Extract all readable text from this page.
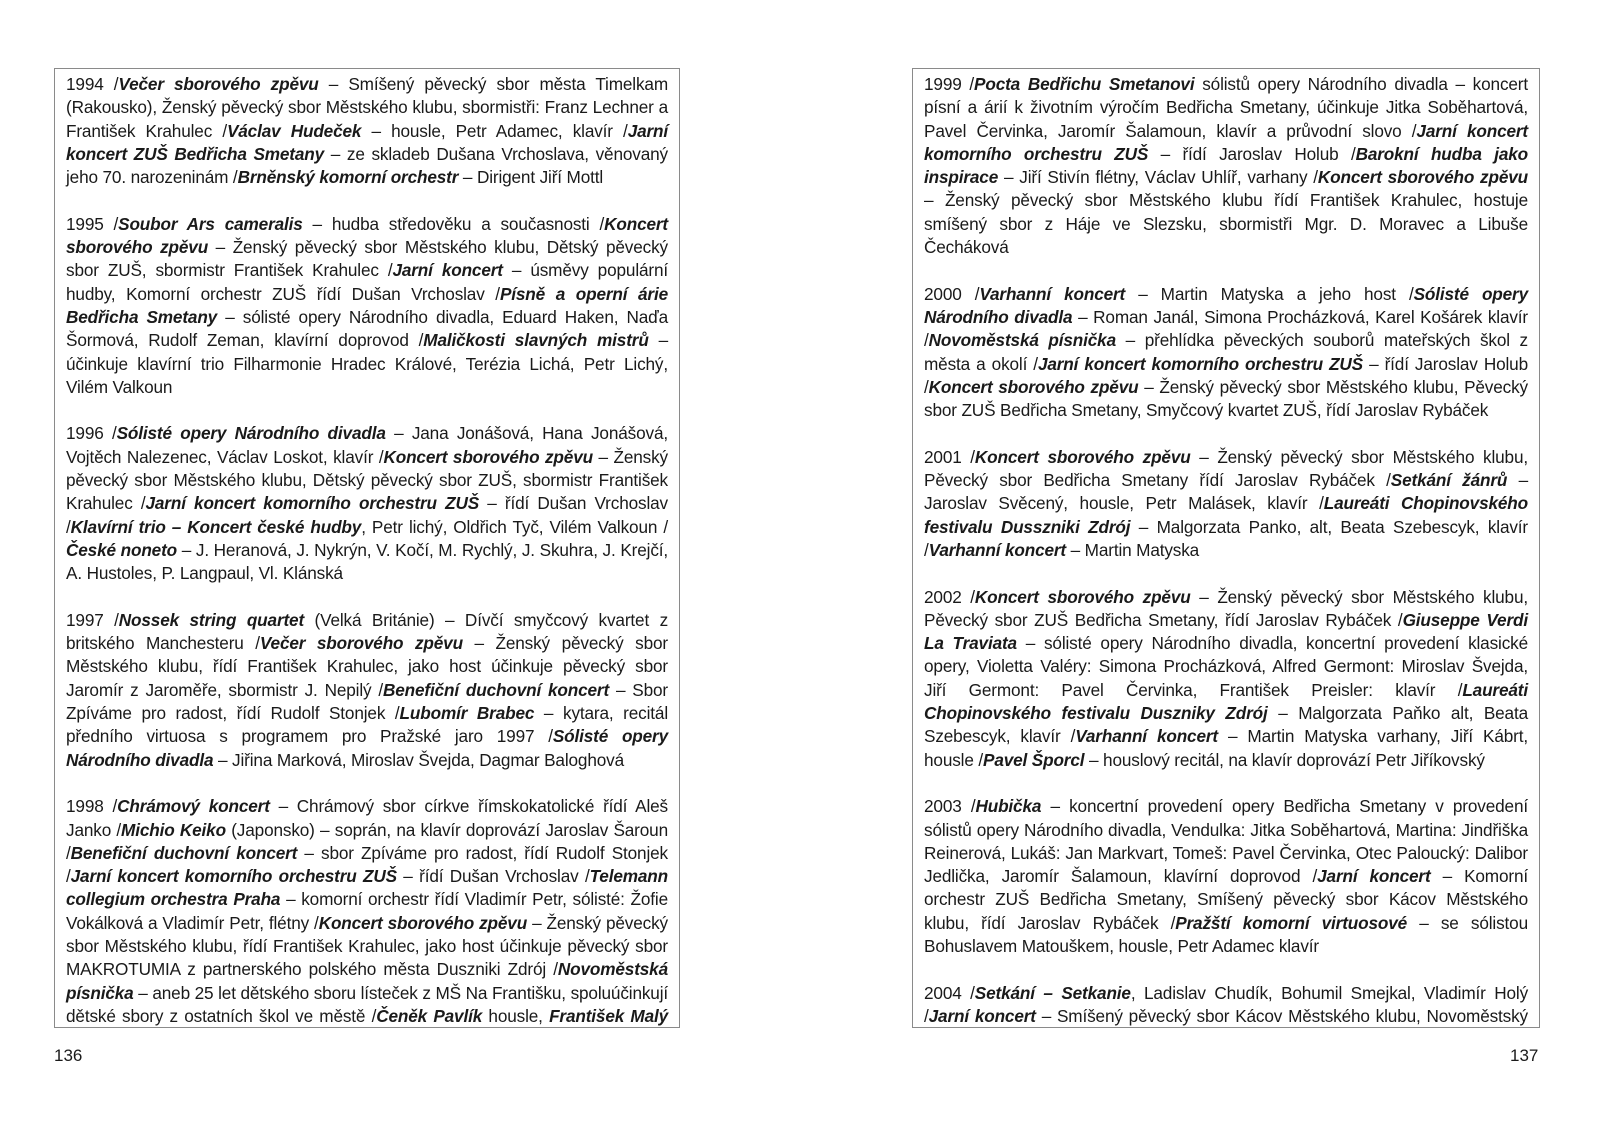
1994 /Večer sborového zpěvu – Smíšený pěvecký sbor města Timelkam (Rakousko), Ženský pěvecký sbor Městského klubu, sbormistři: Franz Lechner a František Krahulec /Václav Hudeček – housle, Petr Adamec, klavír /Jarní koncert ZUŠ Bedřicha Smetany – ze skladeb Dušana Vrchoslava, věnovaný jeho 70. narozeninám /Brněnský komorní orchestr – Dirigent Jiří Mottl

1995 /Soubor Ars cameralis – hudba středověku a současnosti /Koncert sborového zpěvu – Ženský pěvecký sbor Městského klubu, Dětský pěvecký sbor ZUŠ, sbormistr František Krahulec /Jarní koncert – úsměvy populární hudby, Komorní orchestr ZUŠ řídí Dušan Vrchoslav /Písně a operní árie Bedřicha Smetany – sólisté opery Národního divadla, Eduard Haken, Naďa Šormová, Rudolf Zeman, klavírní doprovod /Maličkosti slavných mistrů – účinkuje klavírní trio Filharmonie Hradec Králové, Terézia Lichá, Petr Lichý, Vilém Valkoun

1996 /Sólisté opery Národního divadla – Jana Jonášová, Hana Jonášová, Vojtěch Nalezenec, Václav Loskot, klavír /Koncert sborového zpěvu – Ženský pěvecký sbor Městského klubu, Dětský pěvecký sbor ZUŠ, sbormistr František Krahulec /Jarní koncert komorního orchestru ZUŠ – řídí Dušan Vrchoslav /Klavírní trio – Koncert české hudby, Petr lichý, Oldřich Tyč, Vilém Valkoun /České noneto – J. Heranová, J. Nykrýn, V. Kočí, M. Rychlý, J. Skuhra, J. Krejčí, A. Hustoles, P. Langpaul, Vl. Klánská

1997 /Nossek string quartet (Velká Británie) – Dívčí smyčcový kvartet z britského Manchesteru /Večer sborového zpěvu – Ženský pěvecký sbor Městského klubu, řídí František Krahulec, jako host účinkuje pěvecký sbor Jaromír z Jaroměře, sbormistr J. Nepilý /Benefiční duchovní koncert – Sbor Zpíváme pro radost, řídí Rudolf Stonjek /Lubomír Brabec – kytara, recitál předního virtuosa s programem pro Pražské jaro 1997 /Sólisté opery Národního divadla – Jiřina Marková, Miroslav Švejda, Dagmar Baloghová

1998 /Chrámový koncert – Chrámový sbor církve římskokatolické řídí Aleš Janko /Michio Keiko (Japonsko) – soprán, na klavír doprovází Jaroslav Šaroun /Benefiční duchovní koncert – sbor Zpíváme pro radost, řídí Rudolf Stonjek /Jarní koncert komorního orchestru ZUŠ – řídí Dušan Vrchoslav /Telemann collegium orchestra Praha – komorní orchestr řídí Vladimír Petr, sólisté: Žofie Vokálková a Vladimír Petr, flétny /Koncert sborového zpěvu – Ženský pěvecký sbor Městského klubu, řídí František Krahulec, jako host účinkuje pěvecký sbor MAKROTUMIA z partnerského polského města Duszniki Zdrój /Novoměstská písnička – aneb 25 let dětského sboru lísteček z MŠ Na Františku, spoluúčinkují dětské sbory z ostatních škol ve městě /Čeněk Pavlík housle, František Malý

136

1999 /Pocta Bedřichu Smetanovi sólistů opery Národního divadla – koncert písní a árií k životním výročím Bedřicha Smetany, účinkuje Jitka Soběhartová, Pavel Červinka, Jaromír Šalamoun, klavír a průvodní slovo /Jarní koncert komorního orchestru ZUŠ – řídí Jaroslav Holub /Barokní hudba jako inspirace – Jiří Stivín flétny, Václav Uhlíř, varhany /Koncert sborového zpěvu – Ženský pěvecký sbor Městského klubu řídí František Krahulec, hostuje smíšený sbor z Háje ve Slezsku, sbormistři Mgr. D. Moravec a Libuše Čecháková

2000 /Varhanní koncert – Martin Matyska a jeho host /Sólisté opery Národního divadla – Roman Janál, Simona Procházková, Karel Košárek klavír /Novoměstská písnička – přehlídka pěveckých souborů mateřských škol z města a okolí /Jarní koncert komorního orchestru ZUŠ – řídí Jaroslav Holub /Koncert sborového zpěvu – Ženský pěvecký sbor Městského klubu, Pěvecký sbor ZUŠ Bedřicha Smetany, Smyčcový kvartet ZUŠ, řídí Jaroslav Rybáček

2001 /Koncert sborového zpěvu – Ženský pěvecký sbor Městského klubu, Pěvecký sbor Bedřicha Smetany řídí Jaroslav Rybáček /Setkání žánrů – Jaroslav Svěcený, housle, Petr Malásek, klavír /Laureáti Chopinovského festivalu Dusszniki Zdrój – Malgorzata Panko, alt, Beata Szebescyk, klavír /Varhanní koncert – Martin Matyska

2002 /Koncert sborového zpěvu – Ženský pěvecký sbor Městského klubu, Pěvecký sbor ZUŠ Bedřicha Smetany, řídí Jaroslav Rybáček /Giuseppe Verdi La Traviata – sólisté opery Národního divadla, koncertní provedení klasické opery, Violetta Valéry: Simona Procházková, Alfred Germont: Miroslav Švejda, Jiří Germont: Pavel Červinka, František Preisler: klavír /Laureáti Chopinovského festivalu Duszniky Zdrój – Malgorzata Paňko alt, Beata Szebescyk, klavír /Varhanní koncert – Martin Matyska varhany, Jiří Kábrt, housle /Pavel Šporcl – houslový recitál, na klavír doprovází Petr Jiříkovský

2003 /Hubička – koncertní provedení opery Bedřicha Smetany v provedení sólistů opery Národního divadla, Vendulka: Jitka Soběhartová, Martina: Jindřiška Reinerová, Lukáš: Jan Markvart, Tomeš: Pavel Červinka, Otec Paloucký: Dalibor Jedlička, Jaromír Šalamoun, klavírní doprovod /Jarní koncert – Komorní orchestr ZUŠ Bedřicha Smetany, Smíšený pěvecký sbor Kácov Městského klubu, řídí Jaroslav Rybáček /Pražští komorní virtuosové – se sólistou Bohuslavem Matouškem, housle, Petr Adamec klavír

2004 /Setkání – Setkanie, Ladislav Chudík, Bohumil Smejkal, Vladimír Holý /Jarní koncert – Smíšený pěvecký sbor Kácov Městského klubu, Novoměstský

137
